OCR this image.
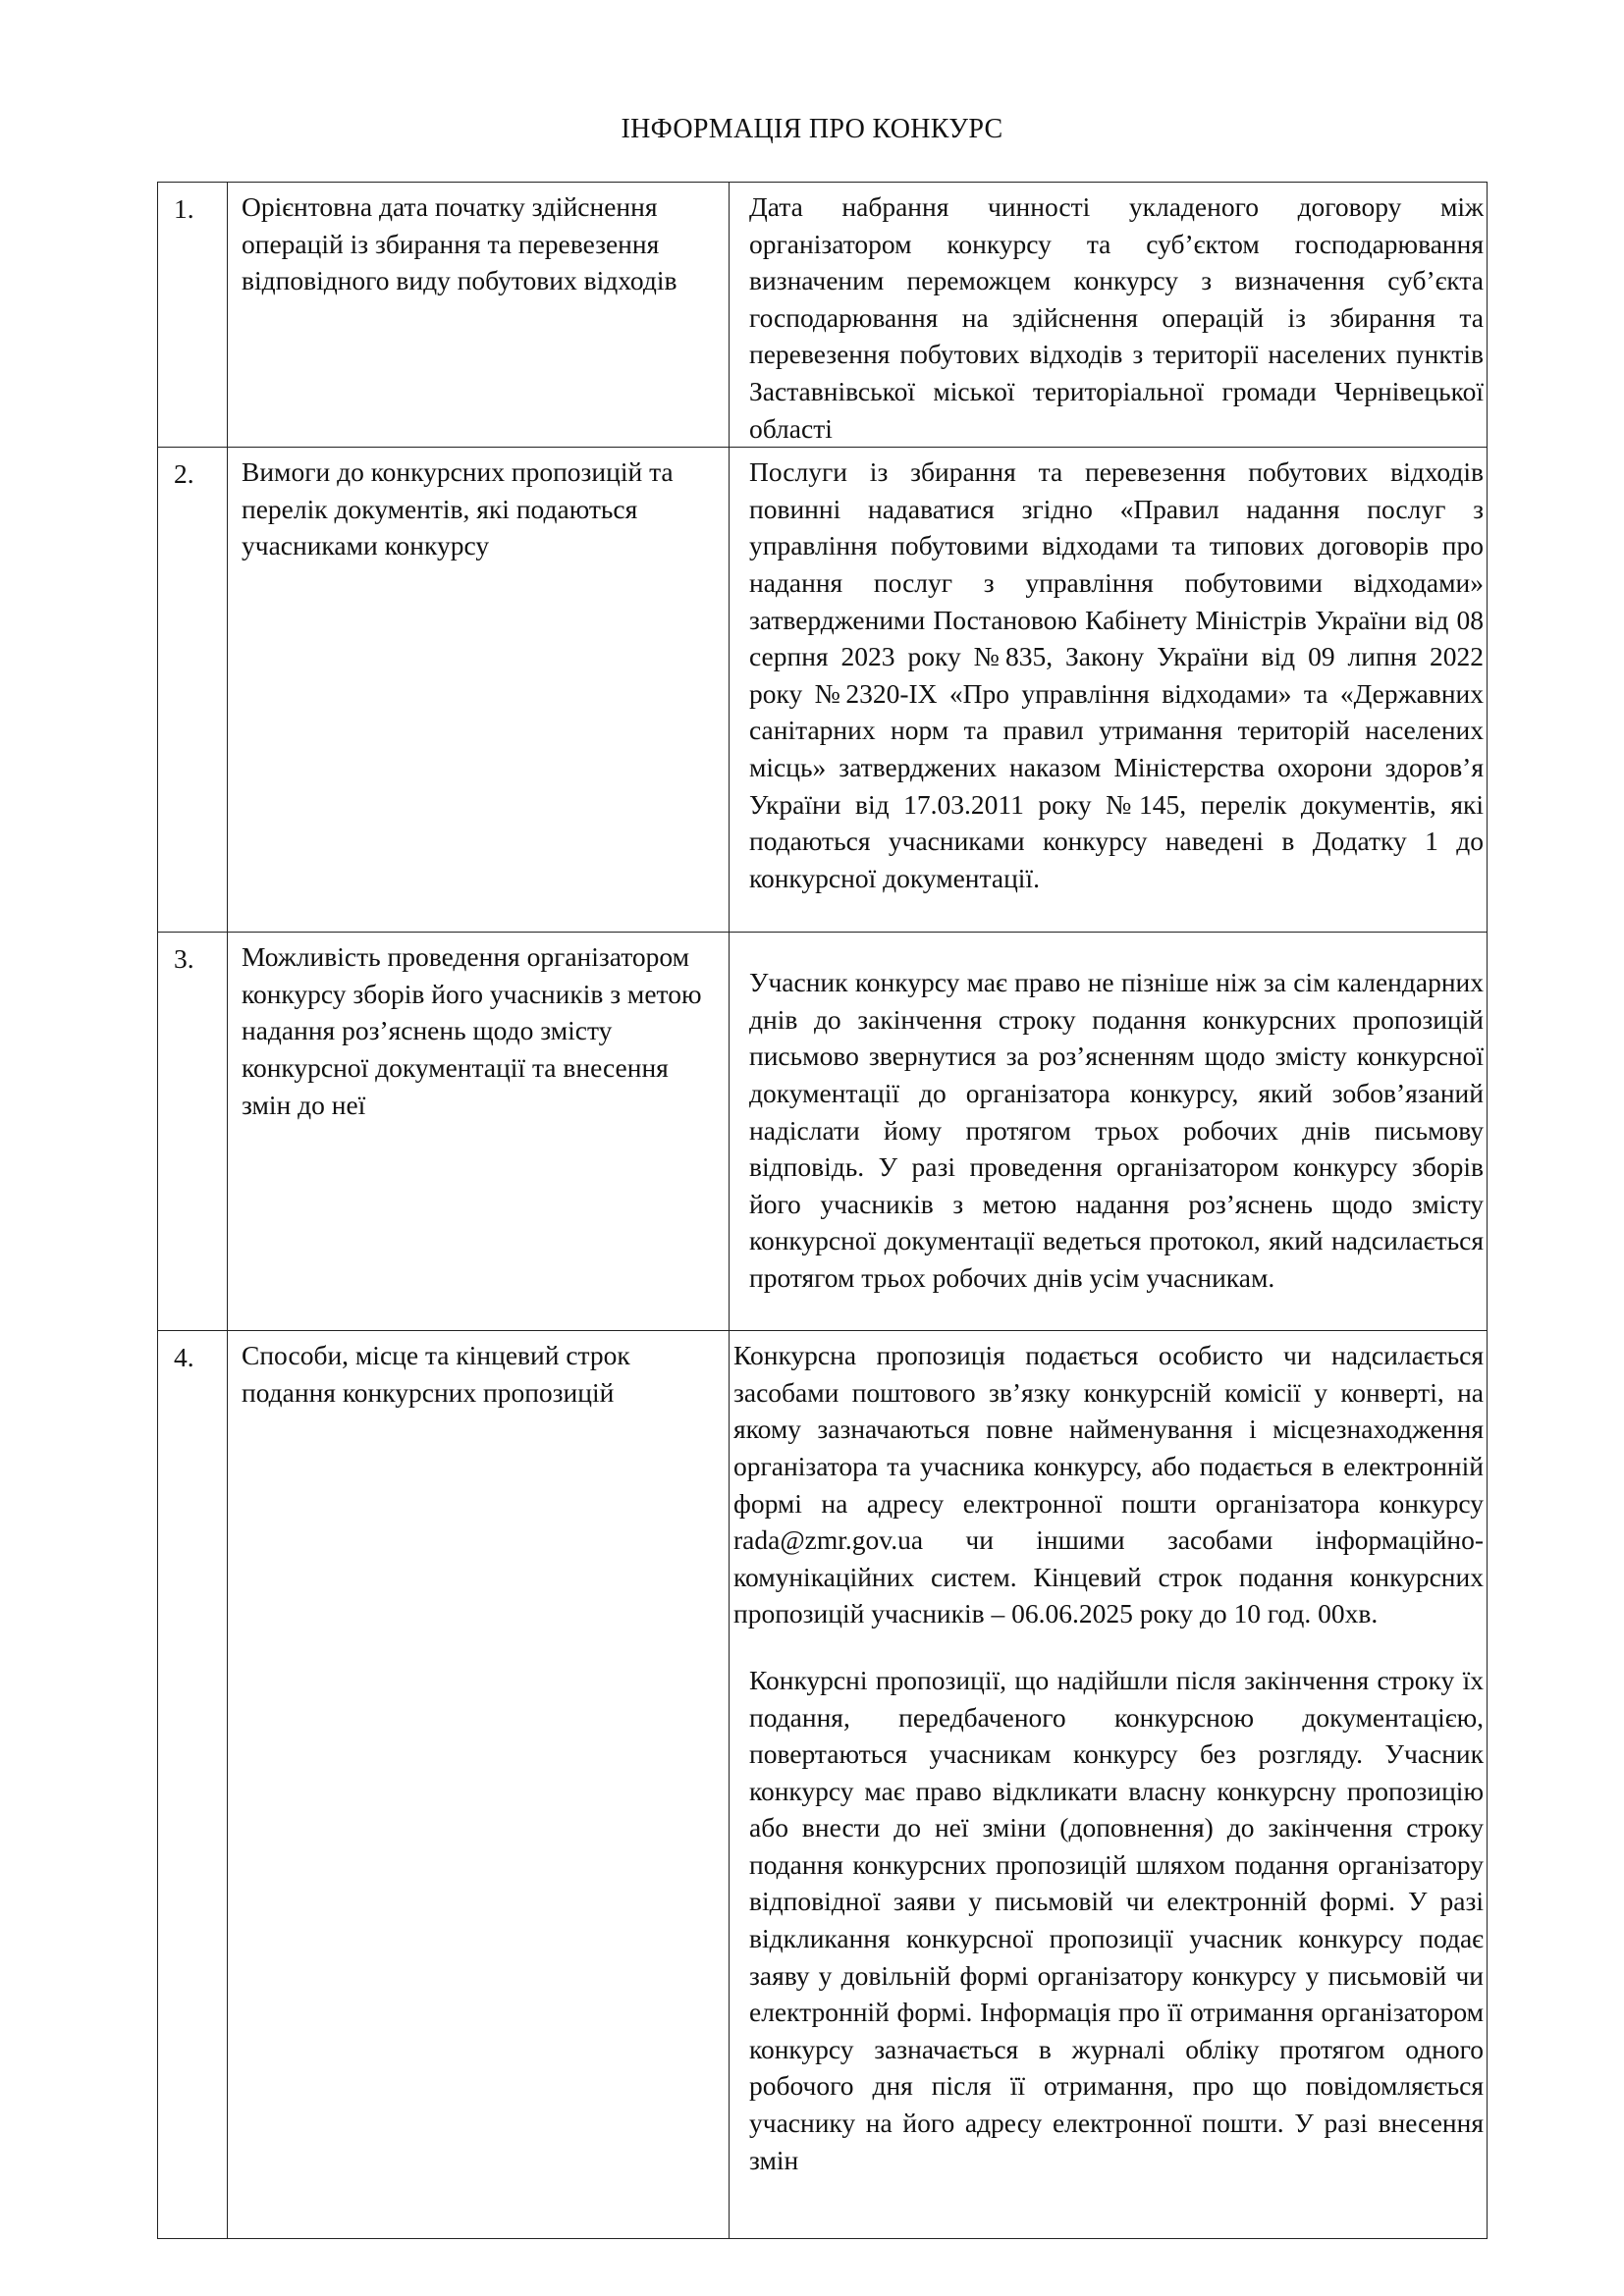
ІНФОРМАЦІЯ ПРО КОНКУРС
1.	Орієнтовна дата початку здійснення операцій із збирання та перевезення відповідного виду побутових відходів	Дата набрання чинності укладеного договору між організатором конкурсу та суб’єктом господарювання визначеним переможцем конкурсу з визначення суб’єкта господарювання на здійснення операцій із збирання та перевезення побутових відходів з території населених пунктів Заставнівської міської територіальної громади Чернівецької області

2.	Вимоги до конкурсних пропозицій та перелік документів, які подаються учасниками конкурсу	Послуги із збирання та перевезення побутових відходів повинні надаватися згідно «Правил надання послуг з управління побутовими відходами та типових договорів про надання послуг з управління побутовими відходами» затвердженими Постановою Кабінету Міністрів України від 08 серпня 2023 року №835, Закону України від 09 липня 2022 року №2320-IX «Про управління відходами» та «Державних санітарних норм та правил утримання територій населених місць» затверджених наказом Міністерства охорони здоров’я України від 17.03.2011 року №145, перелік документів, які подаються учасниками конкурсу наведені в Додатку 1 до конкурсної документації.

3.	Можливість проведення організатором конкурсу зборів його учасників з метою надання роз’яснень щодо змісту конкурсної документації та внесення змін до неї	Учасник конкурсу має право не пізніше ніж за сім календарних днів до закінчення строку подання конкурсних пропозицій письмово звернутися за роз’ясненням щодо змісту конкурсної документації до організатора конкурсу, який зобов’язаний надіслати йому протягом трьох робочих днів письмову відповідь. У разі проведення організатором конкурсу зборів його учасників з метою надання роз’яснень щодо змісту конкурсної документації ведеться протокол, який надсилається протягом трьох робочих днів усім учасникам.

4.	Способи, місце та кінцевий строк подання конкурсних пропозицій	Конкурсна пропозиція подається особисто чи надсилається засобами поштового зв’язку конкурсній комісії у конверті, на якому зазначаються повне найменування і місцезнаходження організатора та учасника конкурсу, або подається в електронній формі на адресу електронної пошти організатора конкурсу rada@zmr.gov.ua чи іншими засобами інформаційно-комунікаційних систем. Кінцевий строк подання конкурсних пропозицій учасників – 06.06.2025 року до 10 год. 00хв.

Конкурсні пропозиції, що надійшли після закінчення строку їх подання, передбаченого конкурсною документацією, повертаються учасникам конкурсу без розгляду. Учасник конкурсу має право відкликати власну конкурсну пропозицію або внести до неї зміни (доповнення) до закінчення строку подання конкурсних пропозицій шляхом подання організатору відповідної заяви у письмовій чи електронній формі. У разі відкликання конкурсної пропозиції учасник конкурсу подає заяву у довільній формі організатору конкурсу у письмовій чи електронній формі. Інформація про її отримання організатором конкурсу зазначається в журналі обліку протягом одного робочого дня після її отримання, про що повідомляється учаснику на його адресу електронної пошти. У разі внесення змін
